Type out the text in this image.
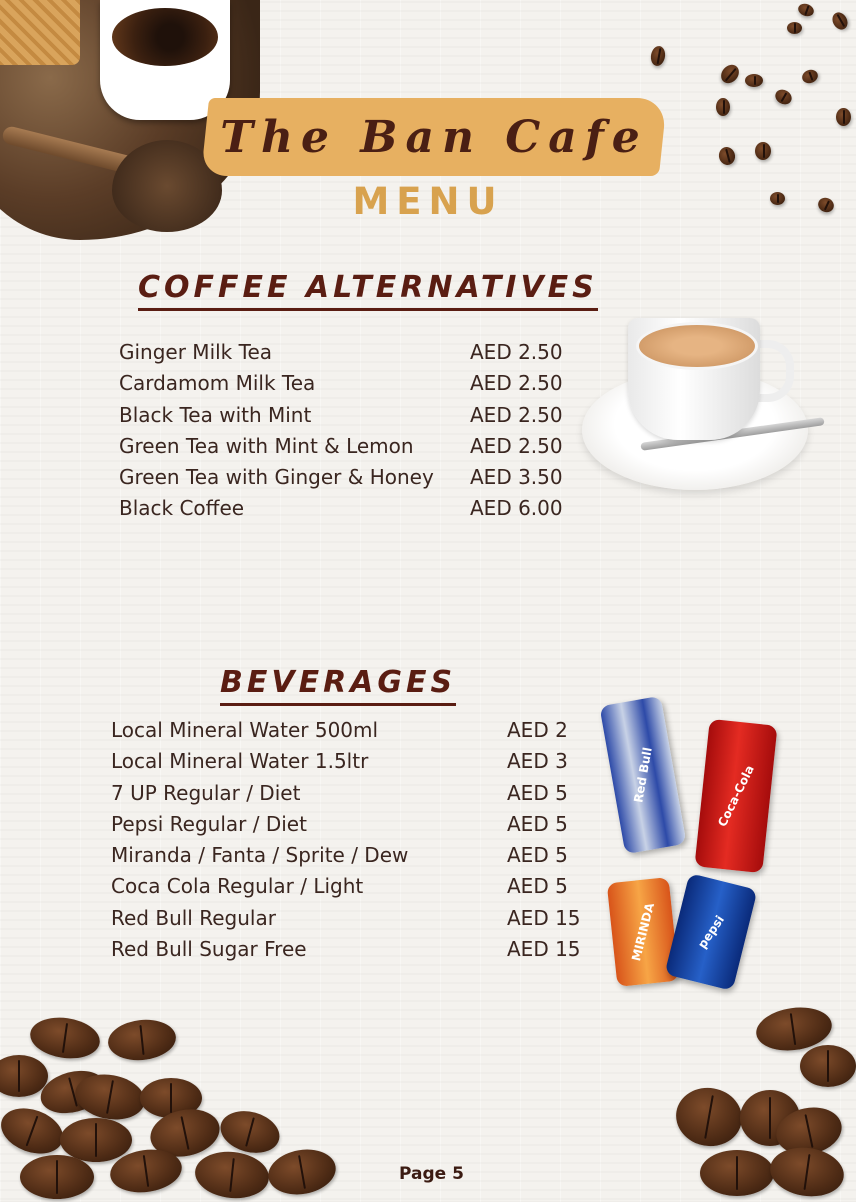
The Ban Cafe
MENU
COFFEE ALTERNATIVES
Ginger Milk Tea	AED 2.50
Cardamom Milk Tea	AED 2.50
Black Tea with Mint	AED 2.50
Green Tea with Mint & Lemon	AED 2.50
Green Tea with Ginger & Honey AED 3.50
Black Coffee	AED 6.00
BEVERAGES
Local Mineral Water 500ml	AED 2
Local Mineral Water 1.5ltr	AED 3
7 UP Regular / Diet	AED 5
Pepsi Regular / Diet	AED 5
Miranda / Fanta / Sprite / Dew	AED 5
Coca Cola Regular / Light	AED 5
Red Bull Regular	AED 15
Red Bull Sugar Free	AED 15
Red Bull	Coca-Cola
MIRINDA	pepsi

Page 5
